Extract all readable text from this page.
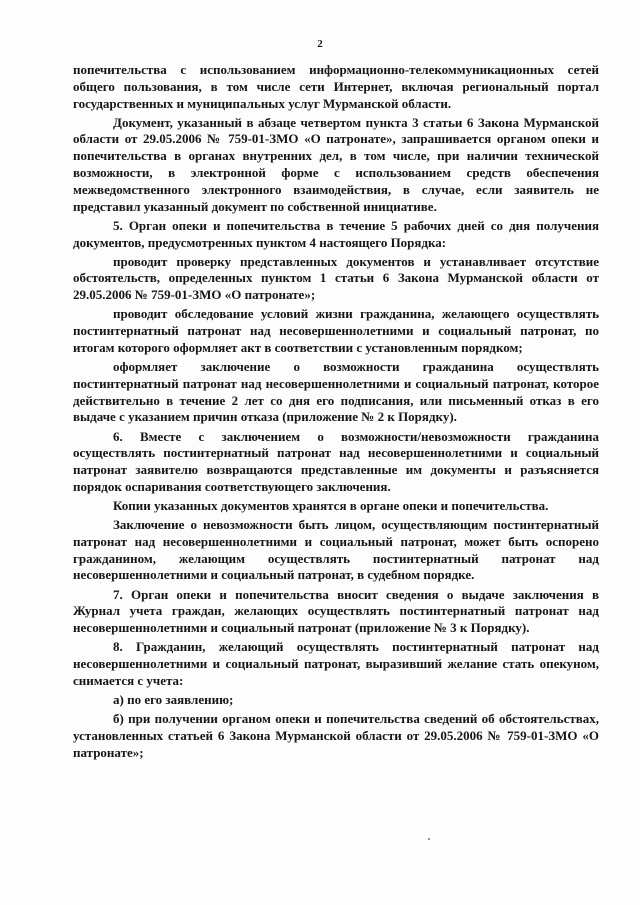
2

попечительства с использованием информационно-телекоммуникационных сетей общего пользования, в том числе сети Интернет, включая региональный портал государственных и муниципальных услуг Мурманской области.

Документ, указанный в абзаце четвертом пункта 3 статьи 6 Закона Мурманской области от 29.05.2006 № 759-01-ЗМО «О патронате», запрашивается органом опеки и попечительства в органах внутренних дел, в том числе, при наличии технической возможности, в электронной форме с использованием средств обеспечения межведомственного электронного взаимодействия, в случае, если заявитель не представил указанный документ по собственной инициативе.

5. Орган опеки и попечительства в течение 5 рабочих дней со дня получения документов, предусмотренных пунктом 4 настоящего Порядка:

проводит проверку представленных документов и устанавливает отсутствие обстоятельств, определенных пунктом 1 статьи 6 Закона Мурманской области от 29.05.2006 № 759-01-ЗМО «О патронате»;

проводит обследование условий жизни гражданина, желающего осуществлять постинтернатный патронат над несовершеннолетними и социальный патронат, по итогам которого оформляет акт в соответствии с установленным порядком;

оформляет заключение о возможности гражданина осуществлять постинтернатный патронат над несовершеннолетними и социальный патронат, которое действительно в течение 2 лет со дня его подписания, или письменный отказ в его выдаче с указанием причин отказа (приложение № 2 к Порядку).

6. Вместе с заключением о возможности/невозможности гражданина осуществлять постинтернатный патронат над несовершеннолетними и социальный патронат заявителю возвращаются представленные им документы и разъясняется порядок оспаривания соответствующего заключения.

Копии указанных документов хранятся в органе опеки и попечительства.

Заключение о невозможности быть лицом, осуществляющим постинтернатный патронат над несовершеннолетними и социальный патронат, может быть оспорено гражданином, желающим осуществлять постинтернатный патронат над несовершеннолетними и социальный патронат, в судебном порядке.

7. Орган опеки и попечительства вносит сведения о выдаче заключения в Журнал учета граждан, желающих осуществлять постинтернатный патронат над несовершеннолетними и социальный патронат (приложение № 3 к Порядку).

8. Гражданин, желающий осуществлять постинтернатный патронат над несовершеннолетними и социальный патронат, выразивший желание стать опекуном, снимается с учета:

а) по его заявлению;

б) при получении органом опеки и попечительства сведений об обстоятельствах, установленных статьей 6 Закона Мурманской области от 29.05.2006 № 759-01-ЗМО «О патронате»;
